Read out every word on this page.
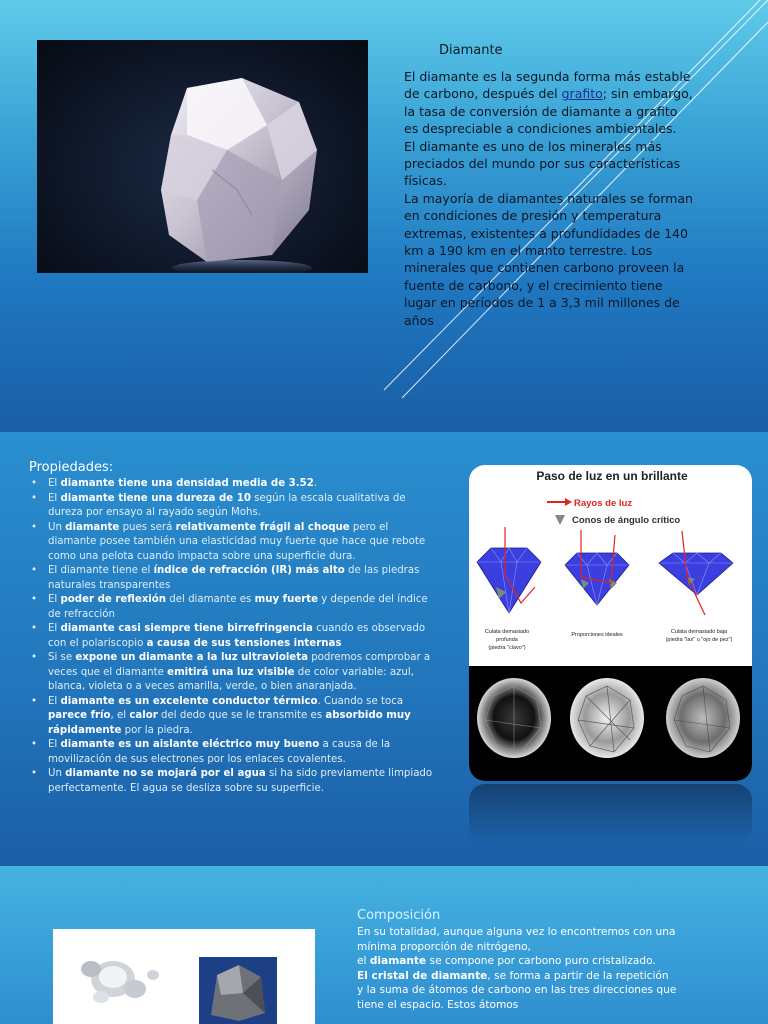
Diamante

El diamante es la segunda forma más estable de carbono, después del grafito; sin embargo, la tasa de conversión de diamante a grafito es despreciable a condiciones ambientales.

El diamante es uno de los minerales más preciados del mundo por sus características físicas.

La mayoría de diamantes naturales se forman en condiciones de presión y temperatura extremas, existentes a profundidades de 140 km a 190 km en el manto terrestre. Los minerales que contienen carbono proveen la fuente de carbono, y el crecimiento tiene lugar en períodos de 1 a 3,3 mil millones de años

Propiedades:
• El diamante tiene una densidad media de 3.52.
• El diamante tiene una dureza de 10 según la escala cualitativa de dureza por ensayo al rayado según Mohs.
• Un diamante pues será relativamente frágil al choque pero el diamante posee también una elasticidad muy fuerte que hace que rebote como una pelota cuando impacta sobre una superficie dura.
• El diamante tiene el índice de refracción (IR) más alto de las piedras naturales transparentes
• El poder de reflexión del diamante es muy fuerte y depende del índice de refracción
• El diamante casi siempre tiene birrefringencia cuando es observado con el polariscopio a causa de sus tensiones internas
• Si se expone un diamante a la luz ultravioleta podremos comprobar a veces que el diamante emitirá una luz visible de color variable: azul, blanca, violeta o a veces amarilla, verde, o bien anaranjada.
• El diamante es un excelente conductor térmico. Cuando se toca parece frío, el calor del dedo que se le transmite es absorbido muy rápidamente por la piedra.
• El diamante es un aislante eléctrico muy bueno a causa de la movilización de sus electrones por los enlaces covalentes.
• Un diamante no se mojará por el agua si ha sido previamente limpiado perfectamente. El agua se desliza sobre su superficie.
Paso de luz en un brillante
Rayos de luz
Conos de ángulo crítico
Culata demasiado
profunda
(piedra "clavo")
Proporciones ideales	Culata demasiado baja
(piedra "lax" u "ojo de pez")
Composición

En su totalidad, aunque alguna vez lo encontremos con una mínima proporción de nitrógeno,

el diamante se compone por carbono puro cristalizado.

El cristal de diamante, se forma a partir de la repetición y la suma de átomos de carbono en las tres direcciones que tiene el espacio. Estos átomos
